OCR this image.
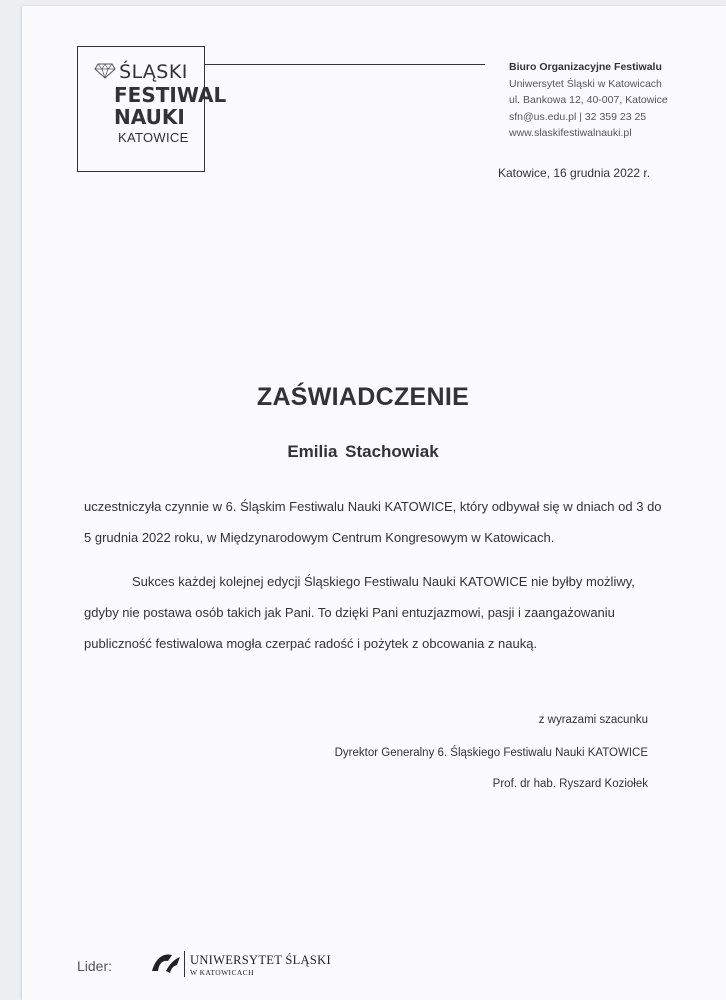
ŚLĄSKI
FESTIWAL
NAUKI
KATOWICE
Biuro Organizacyjne Festiwalu
Uniwersytet Śląski w Katowicach
ul. Bankowa 12, 40-007, Katowice
sfn@us.edu.pl | 32 359 23 25
www.slaskifestiwalnauki.pl
Katowice, 16 grudnia 2022 r.
ZAŚWIADCZENIE
Emilia Stachowiak
uczestniczyła czynnie w 6. Śląskim Festiwalu Nauki KATOWICE, który odbywał się w dniach od 3 do 5 grudnia 2022 roku, w Międzynarodowym Centrum Kongresowym w Katowicach.
Sukces każdej kolejnej edycji Śląskiego Festiwalu Nauki KATOWICE nie byłby możliwy, gdyby nie postawa osób takich jak Pani. To dzięki Pani entuzjazmowi, pasji i zaangażowaniu publiczność festiwalowa mogła czerpać radość i pożytek z obcowania z nauką.
z wyrazami szacunku
Dyrektor Generalny 6. Śląskiego Festiwalu Nauki KATOWICE
Prof. dr hab. Ryszard Koziołek
Lider:	UNIWERSYTET ŚLĄSKI
W KATOWICACH
